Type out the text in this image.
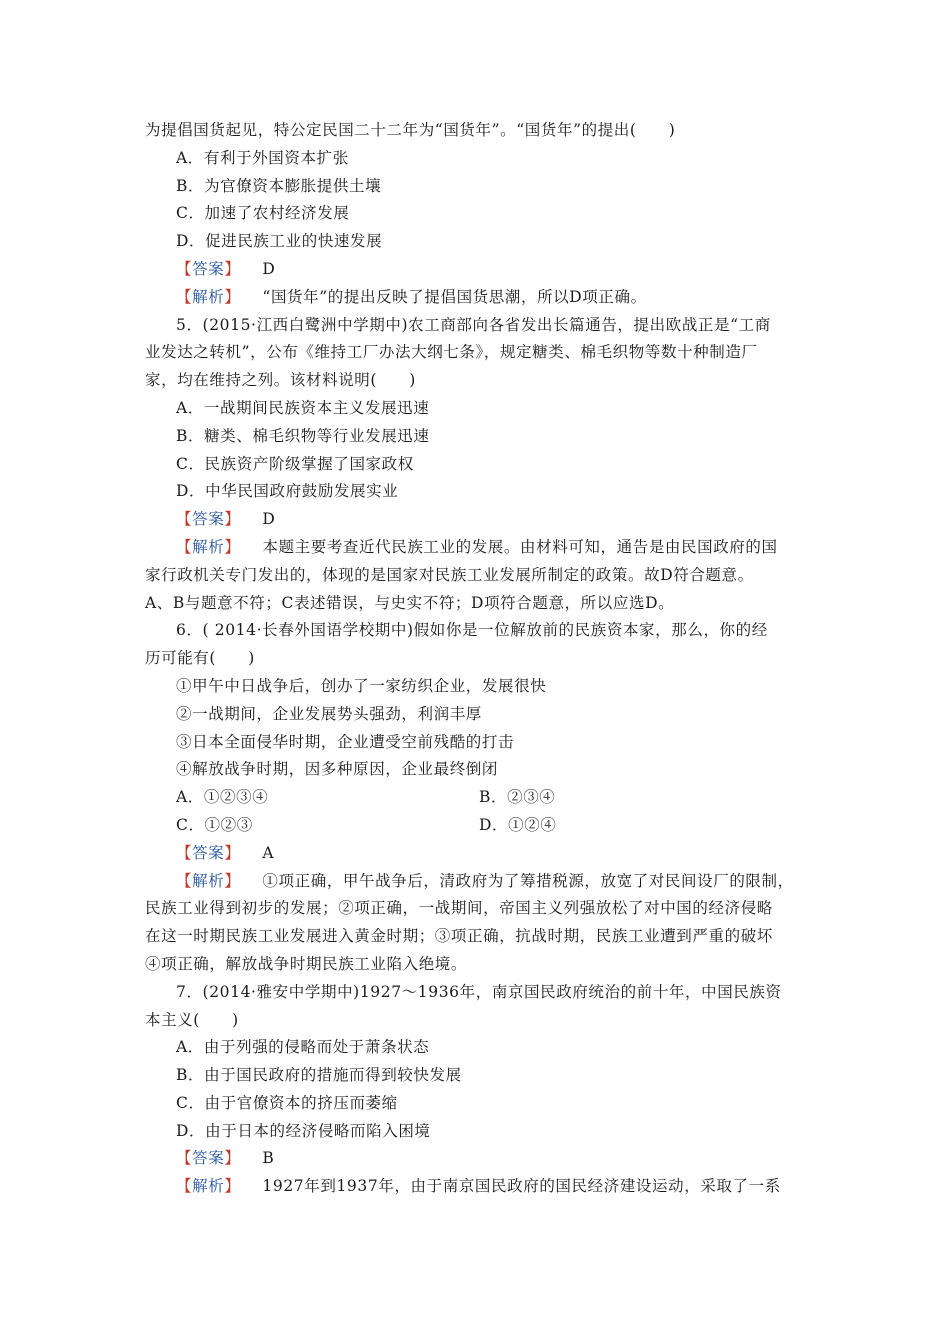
为提倡国货起见，特公定民国二十二年为“国货年”。“国货年”的提出(　　)
A．有利于外国资本扩张
B．为官僚资本膨胀提供土壤
C．加速了农村经济发展
D．促进民族工业的快速发展
【答案】 D
【解析】 “国货年”的提出反映了提倡国货思潮，所以D项正确。
5．(2015·江西白鹭洲中学期中)农工商部向各省发出长篇通告，提出欧战正是“工商
业发达之转机”，公布《维持工厂办法大纲七条》，规定糖类、棉毛织物等数十种制造厂
家，均在维持之列。该材料说明(　　)
A．一战期间民族资本主义发展迅速
B．糖类、棉毛织物等行业发展迅速
C．民族资产阶级掌握了国家政权
D．中华民国政府鼓励发展实业
【答案】 D
【解析】 本题主要考查近代民族工业的发展。由材料可知，通告是由民国政府的国
家行政机关专门发出的，体现的是国家对民族工业发展所制定的政策。故D符合题意。
A、B与题意不符；C表述错误，与史实不符；D项符合题意，所以应选D。
6．( 2014·长春外国语学校期中)假如你是一位解放前的民族资本家，那么，你的经
历可能有(　　)
①甲午中日战争后，创办了一家纺织企业，发展很快
②一战期间，企业发展势头强劲，利润丰厚
③日本全面侵华时期，企业遭受空前残酷的打击
④解放战争时期，因多种原因，企业最终倒闭
A．①②③④	B．②③④
C．①②③	D．①②④
【答案】 A
【解析】 ①项正确，甲午战争后，清政府为了筹措税源，放宽了对民间设厂的限制，
民族工业得到初步的发展；②项正确，一战期间，帝国主义列强放松了对中国的经济侵略
在这一时期民族工业发展进入黄金时期；③项正确，抗战时期，民族工业遭到严重的破坏
④项正确，解放战争时期民族工业陷入绝境。
7．(2014·雅安中学期中)1927～1936年，南京国民政府统治的前十年，中国民族资
本主义(　　)
A．由于列强的侵略而处于萧条状态
B．由于国民政府的措施而得到较快发展
C．由于官僚资本的挤压而萎缩
D．由于日本的经济侵略而陷入困境
【答案】 B
【解析】 1927年到1937年，由于南京国民政府的国民经济建设运动，采取了一系
